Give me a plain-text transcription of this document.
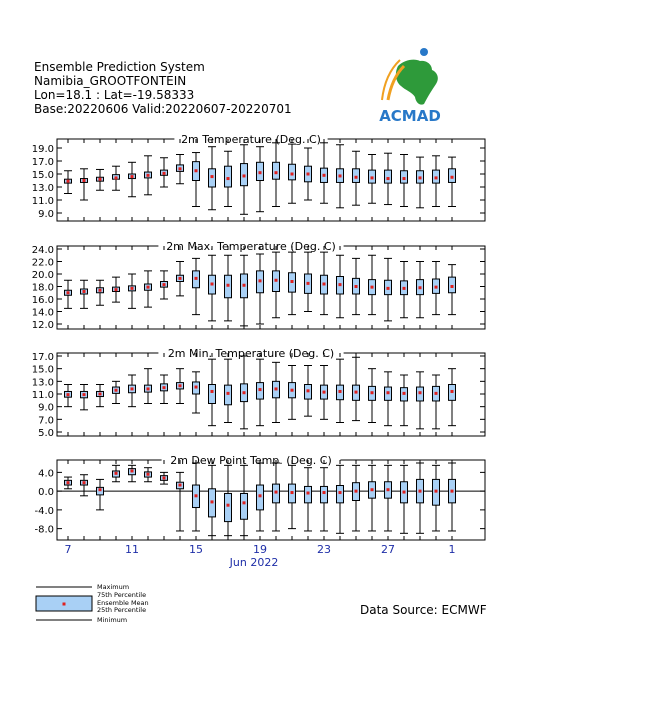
Ensemble Prediction System
Namibia_GROOTFONTEIN
Lon=18.1 : Lat=-19.58333
Base:20220606 Valid:20220607-20220701
Data Source: ECMWF
ACMAD
2m Temperature (Deg. C)
9.0
11.0
13.0
15.0
17.0
19.0
2m Max. Temperature (Deg. C)
12.0
14.0
16.0
18.0
20.0
22.0
24.0
2m Min. Temperature (Deg. C)
5.0
7.0
9.0
11.0
13.0
15.0
17.0
2m Dew Point Temp. (Deg. C)
-8.0
-4.0
0.0
4.0
7	11	15	19	23	27	1
Jun 2022
Maximum
75th Percentile
Ensemble Mean
25th Percentile
Minimum
